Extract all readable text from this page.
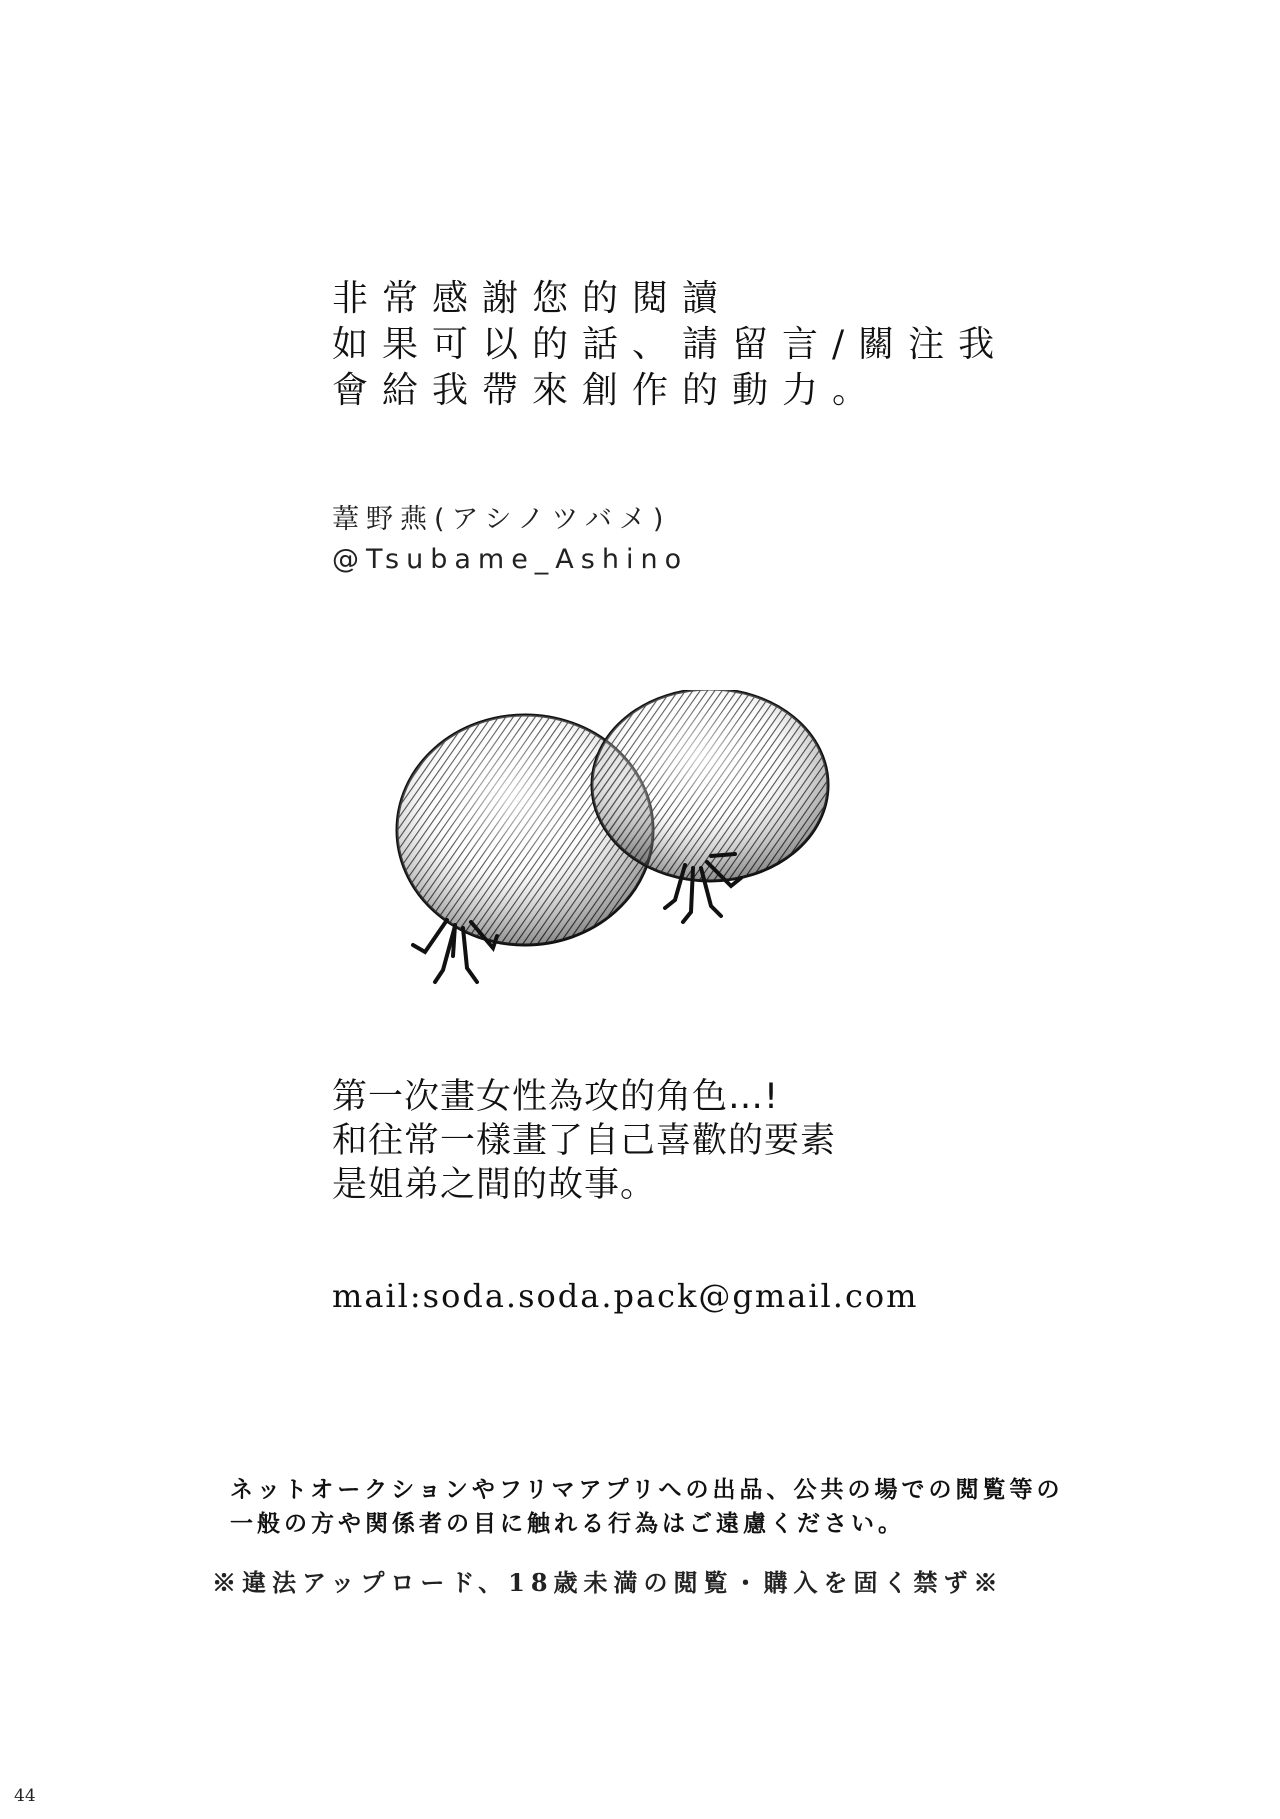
非常感謝您的閱讀
如果可以的話、請留言/關注我
會給我帶來創作的動力。
葦野燕(アシノツバメ)
@Tsubame_Ashino
第一次畫女性為攻的角色…!
和往常一樣畫了自己喜歡的要素
是姐弟之間的故事。
mail:soda.soda.pack@gmail.com
ネットオークションやフリマアプリへの出品、公共の場での閲覧等の
一般の方や関係者の目に触れる行為はご遠慮ください。
※違法アップロード、18歳未満の閲覧・購入を固く禁ず※
44
